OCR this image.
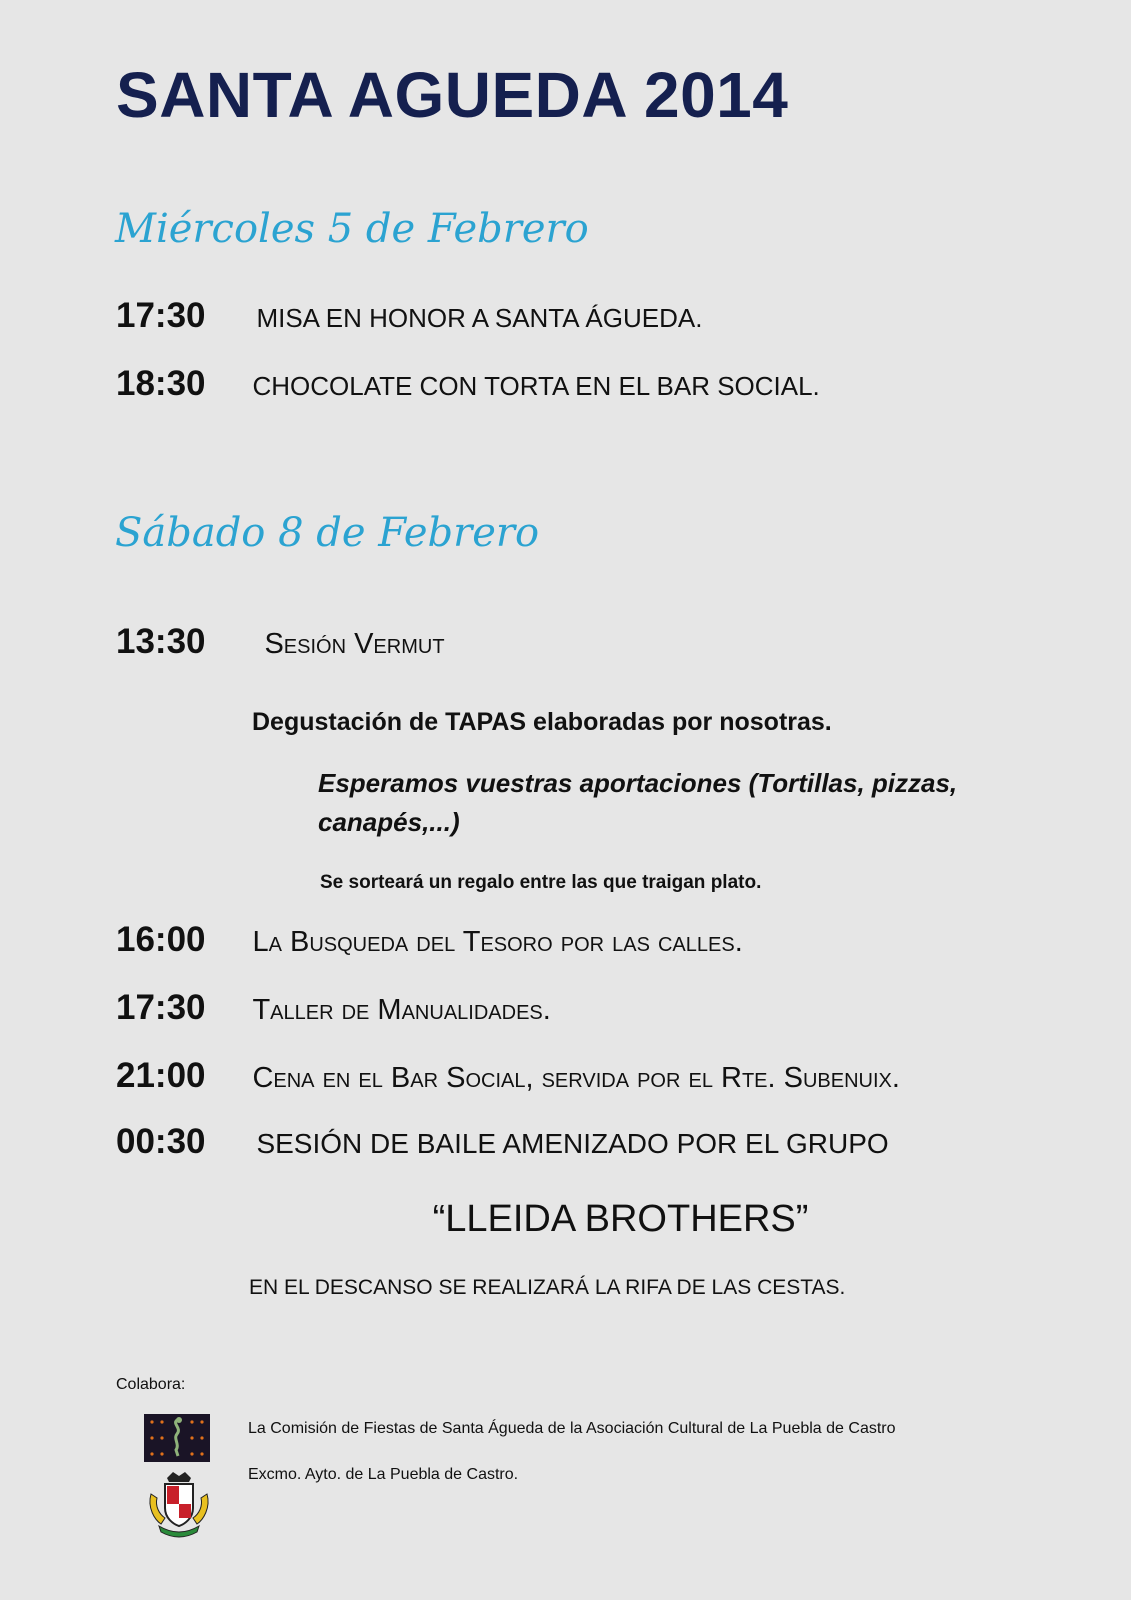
SANTA AGUEDA 2014
Miércoles 5 de Febrero
17:30 MISA EN HONOR A SANTA ÁGUEDA.
18:30 CHOCOLATE CON TORTA EN EL BAR SOCIAL.
Sábado 8 de Febrero
13:30 Sesión Vermut
Degustación de TAPAS elaboradas por nosotras.
Esperamos vuestras aportaciones (Tortillas, pizzas, canapés,...)
Se sorteará un regalo entre las que traigan plato.
16:00 La Busqueda del Tesoro por las calles.
17:30 Taller de Manualidades.
21:00 Cena en el Bar Social, servida por el Rte. Subenuix.
00:30 SESIÓN DE BAILE AMENIZADO POR EL GRUPO
“LLEIDA BROTHERS”
EN EL DESCANSO SE REALIZARÁ LA RIFA DE LAS CESTAS.
Colabora:
La Comisión de Fiestas de Santa Águeda de la Asociación Cultural de La Puebla de Castro
Excmo. Ayto. de La Puebla de Castro.
